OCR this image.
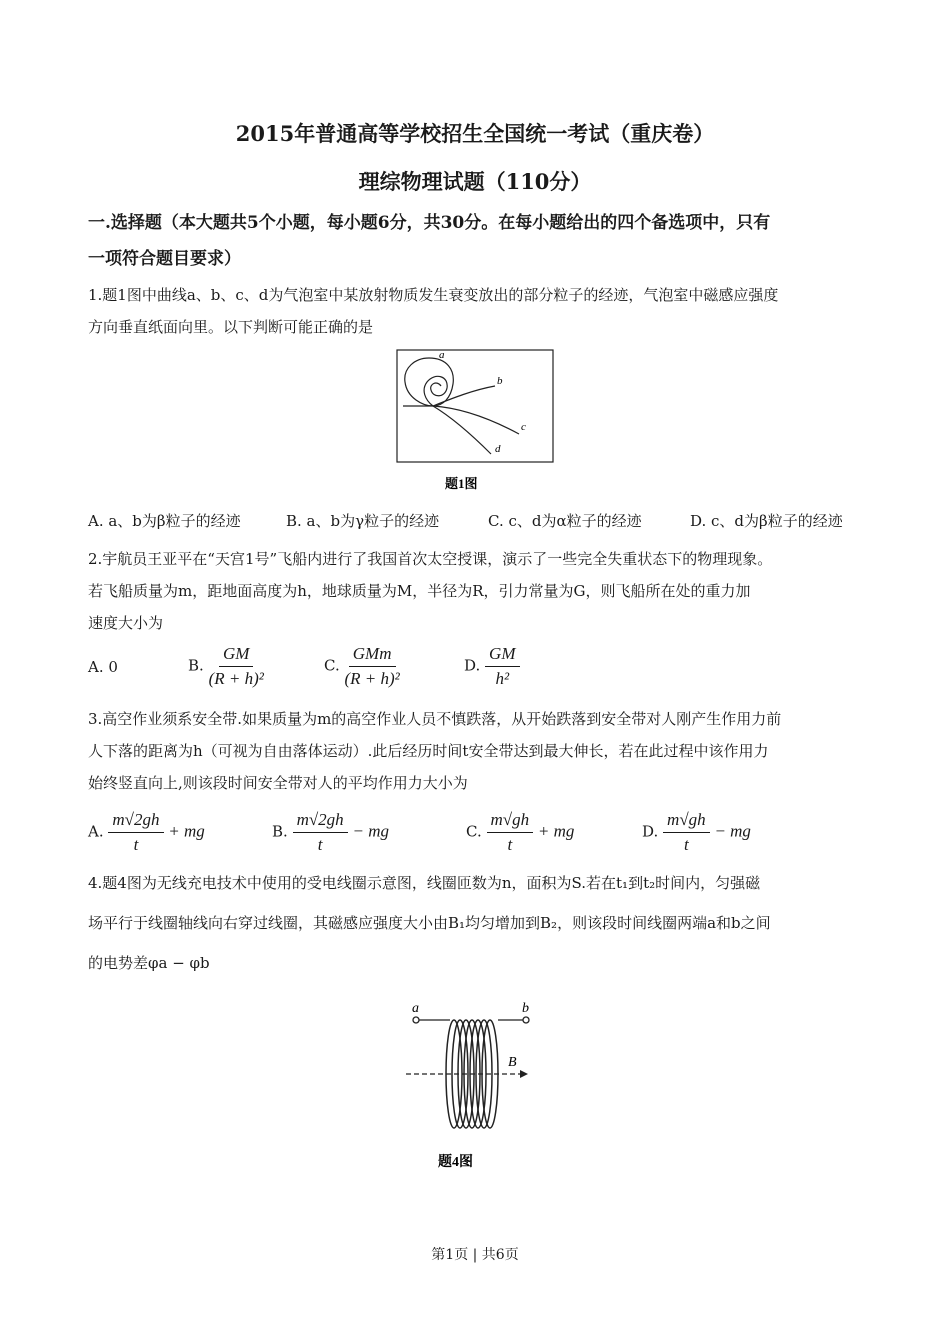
2015年普通高等学校招生全国统一考试（重庆卷）
理综物理试题（110分）
一.选择题（本大题共5个小题，每小题6分，共30分。在每小题给出的四个备选项中，只有
一项符合题目要求）
1.题1图中曲线a、b、c、d为气泡室中某放射物质发生衰变放出的部分粒子的经迹，气泡室中磁感应强度
方向垂直纸面向里。以下判断可能正确的是
a
b
c
d
题1图
A. a、b为β粒子的经迹	B. a、b为γ粒子的经迹	C. c、d为α粒子的经迹	D. c、d为β粒子的经迹
2.宇航员王亚平在“天宫1号”飞船内进行了我国首次太空授课，演示了一些完全失重状态下的物理现象。
若飞船质量为m，距地面高度为h，地球质量为M，半径为R，引力常量为G，则飞船所在处的重力加
速度大小为
A. 0	B. $\frac{GM}{\text{(R + h)²}}$	C. $\frac{\text{GMm}}{\text{(R + h)²}}$	D. $\frac{GM}{\text{h²}}$
3.高空作业须系安全带.如果质量为m的高空作业人员不慎跌落，从开始跌落到安全带对人刚产生作用力前
人下落的距离为h（可视为自由落体运动）.此后经历时间t安全带达到最大伸长，若在此过程中该作用力
始终竖直向上,则该段时间安全带对人的平均作用力大小为
A. $\frac{m√2gh}{t}$ + mg	B. $\frac{m√2gh}{t}$ − mg	C. $\frac{m√gh}{t}$ + mg	D. $\frac{m√gh}{t}$ − mg
4.题4图为无线充电技术中使用的受电线圈示意图，线圈匝数为n，面积为S.若在t₁到t₂时间内，匀强磁
场平行于线圈轴线向右穿过线圈，其磁感应强度大小由B₁均匀增加到B₂，则该段时间线圈两端a和b之间
的电势差φa − φb
a	b
B
题4图
第1页 | 共6页
